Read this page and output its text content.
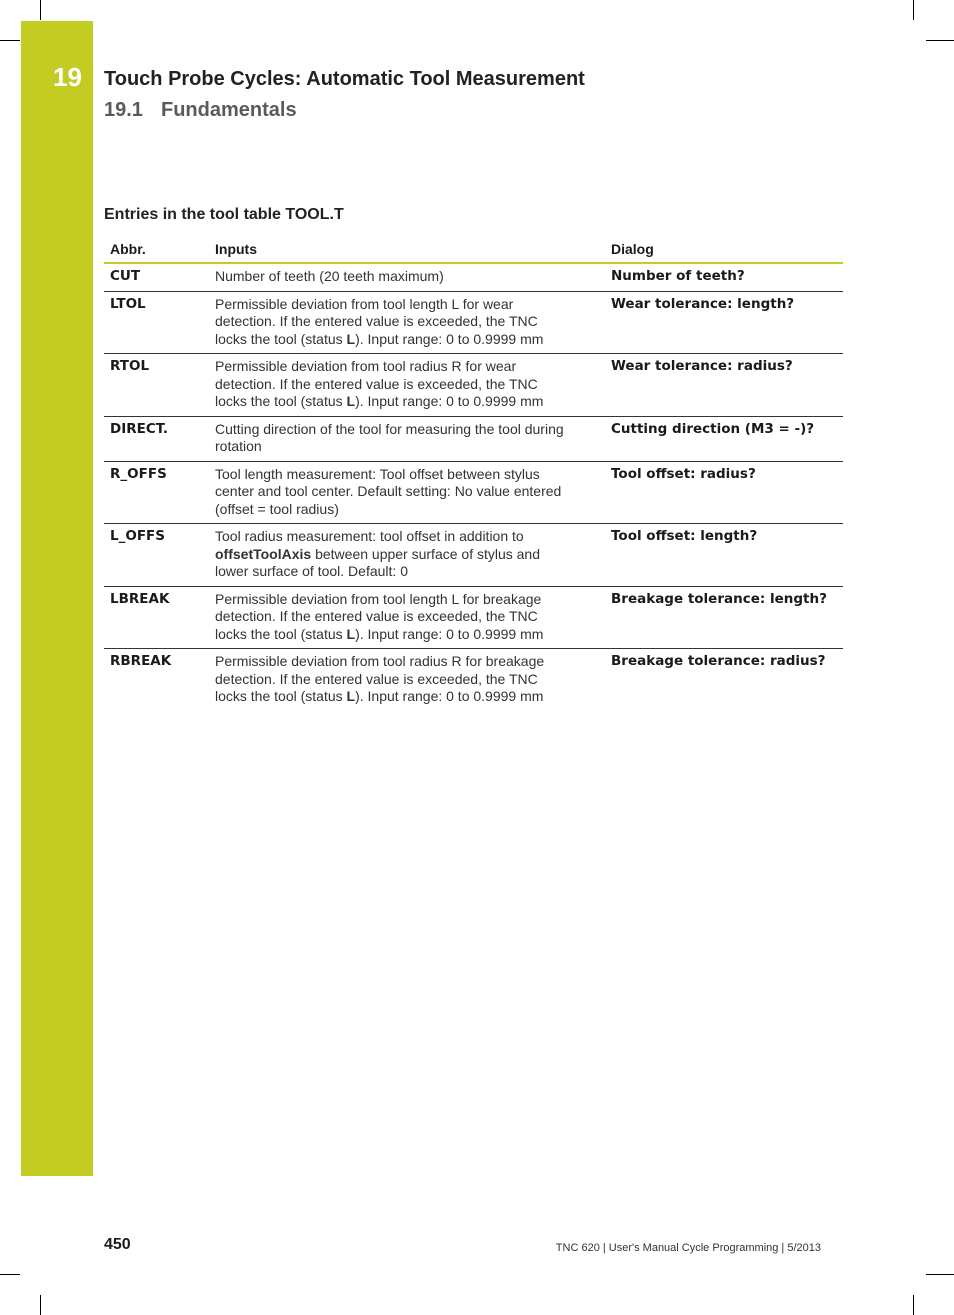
19 Touch Probe Cycles: Automatic Tool Measurement
19.1 Fundamentals
Entries in the tool table TOOL.T
Abbr.	Inputs	Dialog
CUT	Number of teeth (20 teeth maximum)	Number of teeth?
LTOL	Permissible deviation from tool length L for wear
detection. If the entered value is exceeded, the TNC
locks the tool (status L). Input range: 0 to 0.9999 mm	Wear tolerance: length?
RTOL	Permissible deviation from tool radius R for wear
detection. If the entered value is exceeded, the TNC
locks the tool (status L). Input range: 0 to 0.9999 mm	Wear tolerance: radius?
DIRECT.	Cutting direction of the tool for measuring the tool during
rotation	Cutting direction (M3 = -)?
R_OFFS	Tool length measurement: Tool offset between stylus
center and tool center. Default setting: No value entered
(offset = tool radius)	Tool offset: radius?
L_OFFS	Tool radius measurement: tool offset in addition to
offsetToolAxis between upper surface of stylus and
lower surface of tool. Default: 0	Tool offset: length?
LBREAK	Permissible deviation from tool length L for breakage
detection. If the entered value is exceeded, the TNC
locks the tool (status L). Input range: 0 to 0.9999 mm	Breakage tolerance: length?
RBREAK	Permissible deviation from tool radius R for breakage
detection. If the entered value is exceeded, the TNC
locks the tool (status L). Input range: 0 to 0.9999 mm	Breakage tolerance: radius?
450	TNC 620 | User's Manual Cycle Programming | 5/2013
